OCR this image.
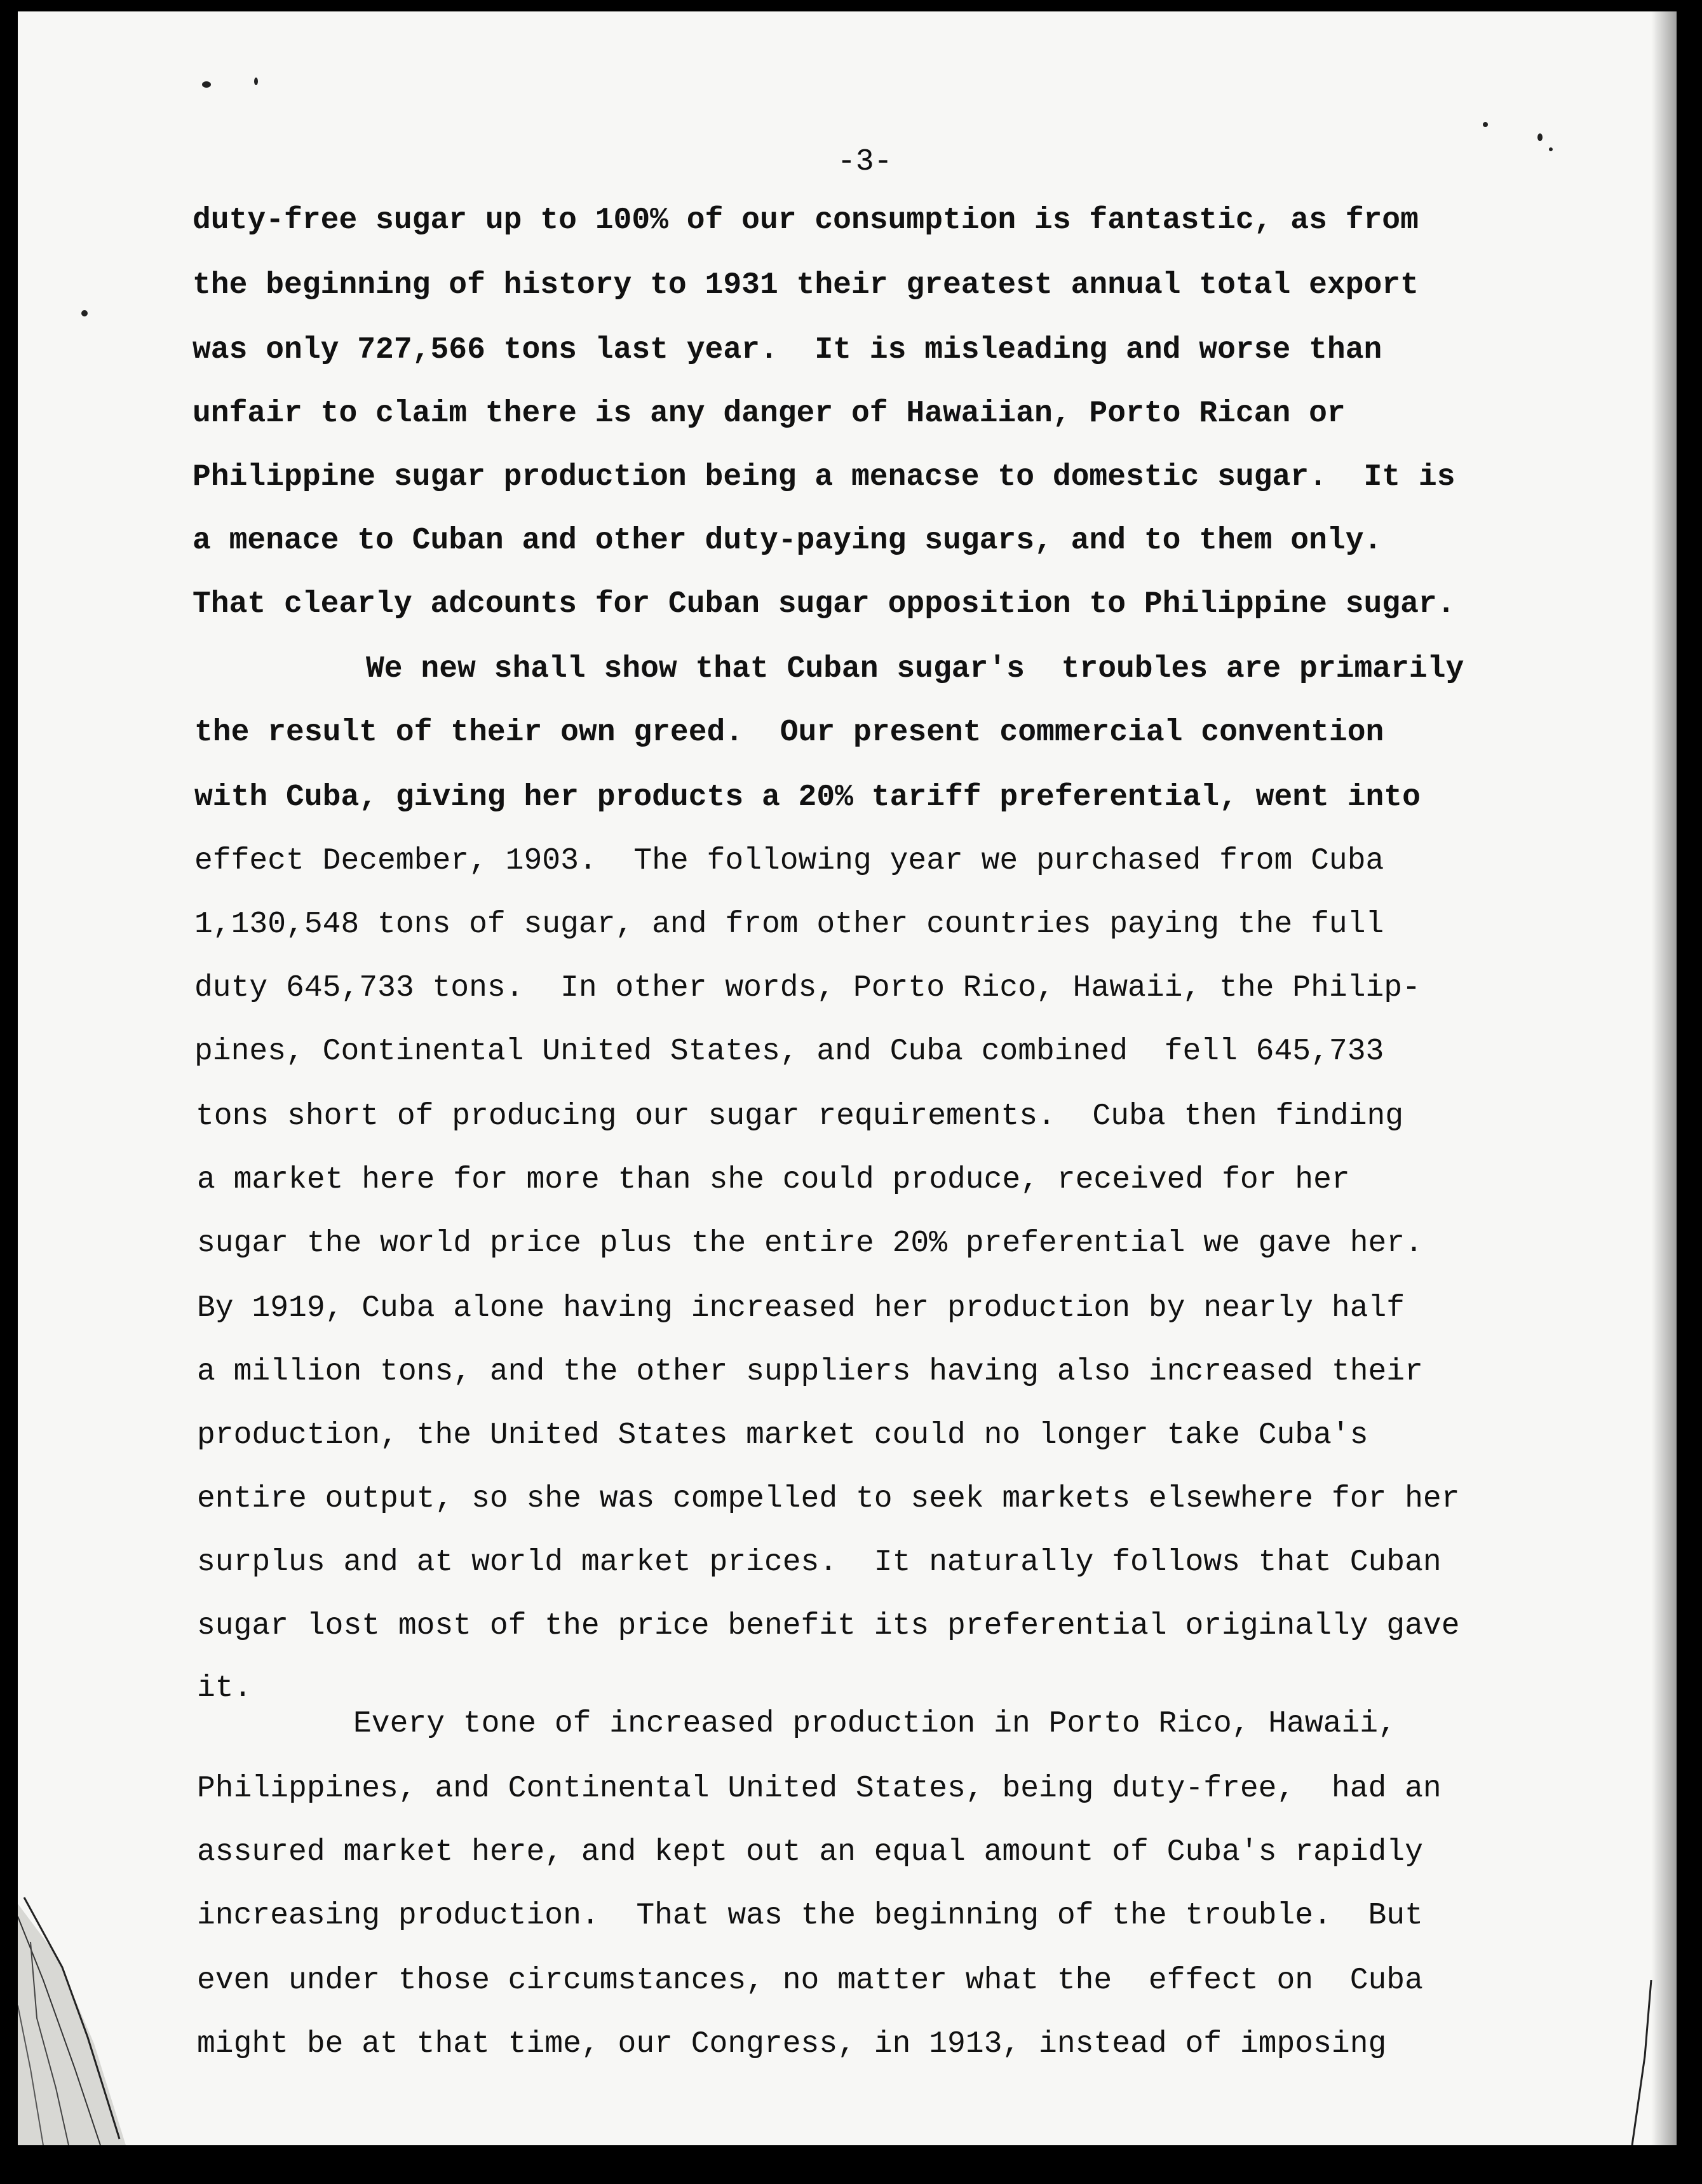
-3-
duty-free sugar up to 100% of our consumption is fantastic, as from
the beginning of history to 1931 their greatest annual total export
was only 727,566 tons last year.  It is misleading and worse than
unfair to claim there is any danger of Hawaiian, Porto Rican or
Philippine sugar production being a menacse to domestic sugar.  It is
a menace to Cuban and other duty-paying sugars, and to them only.
That clearly adcounts for Cuban sugar opposition to Philippine sugar.
We new shall show that Cuban sugar's  troubles are primarily
the result of their own greed.  Our present commercial convention
with Cuba, giving her products a 20% tariff preferential, went into
effect December, 1903.  The following year we purchased from Cuba
1,130,548 tons of sugar, and from other countries paying the full
duty 645,733 tons.  In other words, Porto Rico, Hawaii, the Philip-
pines, Continental United States, and Cuba combined  fell 645,733
tons short of producing our sugar requirements.  Cuba then finding
a market here for more than she could produce, received for her
sugar the world price plus the entire 20% preferential we gave her.
By 1919, Cuba alone having increased her production by nearly half
a million tons, and the other suppliers having also increased their
production, the United States market could no longer take Cuba's
entire output, so she was compelled to seek markets elsewhere for her
surplus and at world market prices.  It naturally follows that Cuban
sugar lost most of the price benefit its preferential originally gave
it.
Every tone of increased production in Porto Rico, Hawaii,
Philippines, and Continental United States, being duty-free,  had an
assured market here, and kept out an equal amount of Cuba's rapidly
increasing production.  That was the beginning of the trouble.  But
even under those circumstances, no matter what the  effect on  Cuba
might be at that time, our Congress, in 1913, instead of imposing
